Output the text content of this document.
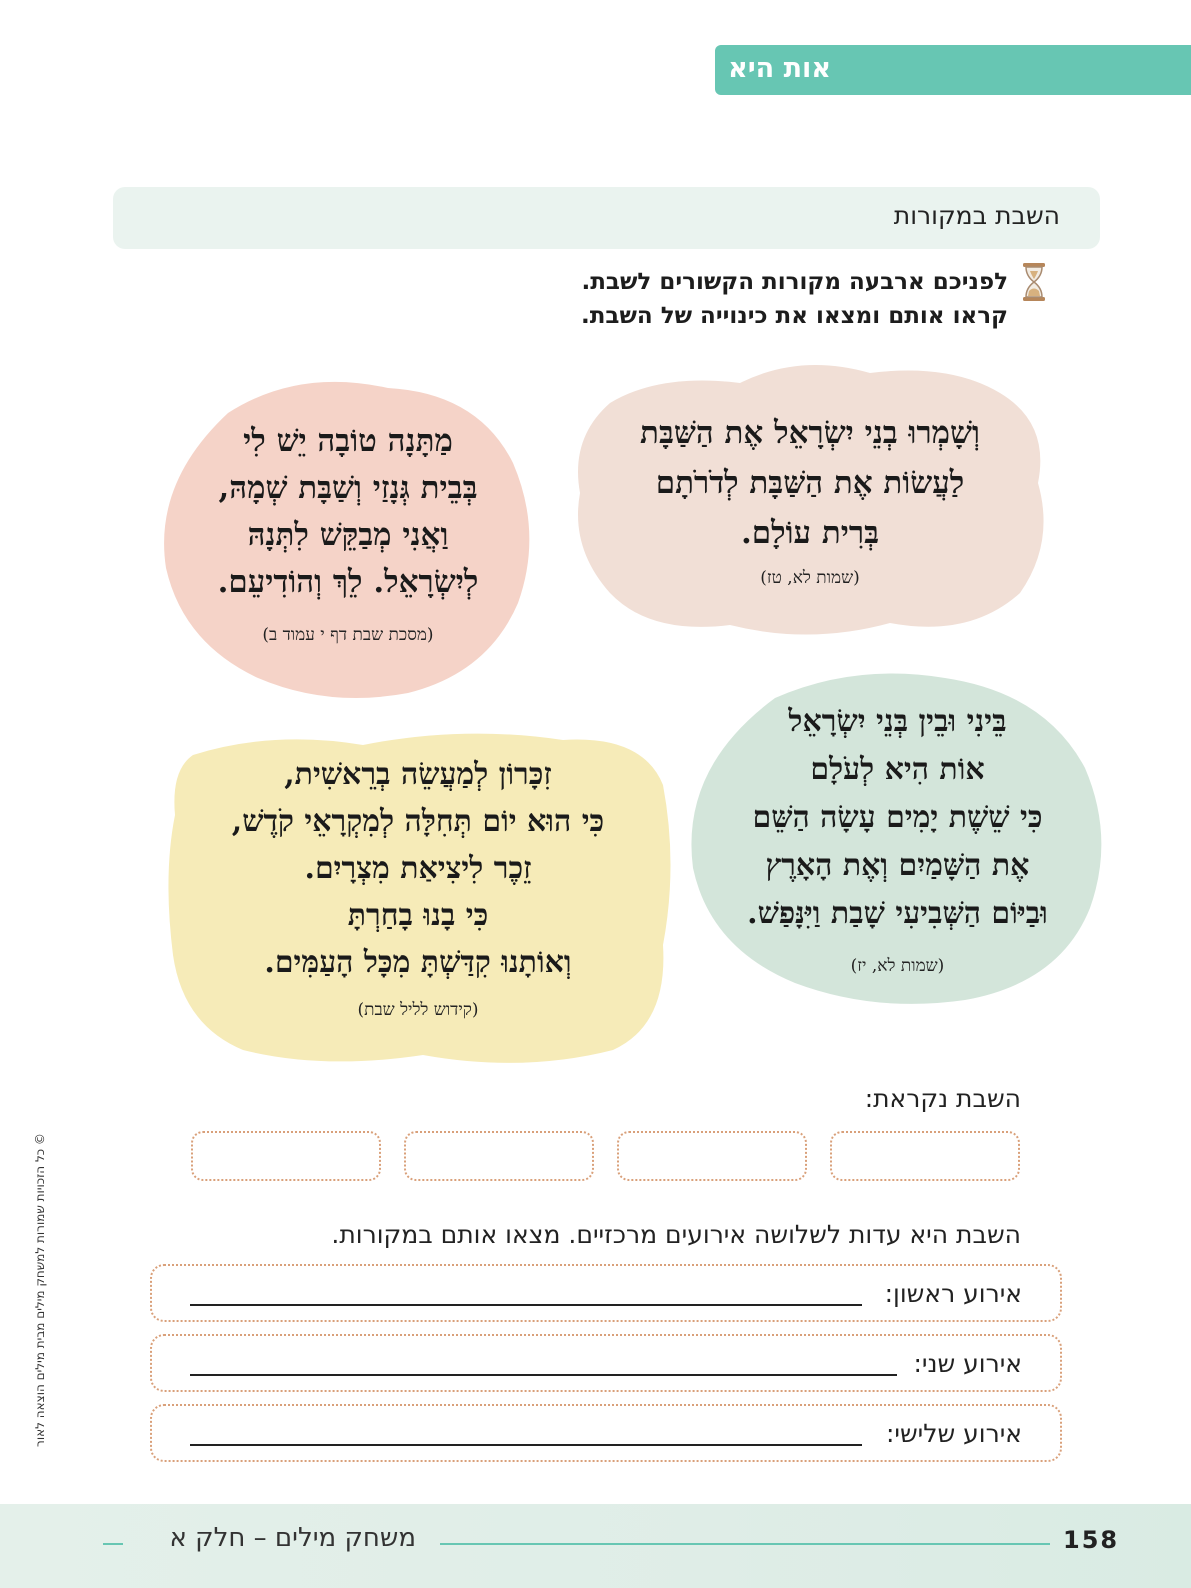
אות היא
השבת במקורות
לפניכם ארבעה מקורות הקשורים לשבת.
קראו אותם ומצאו את כינוייה של השבת.
וְשָׁמְרוּ בְנֵי יִשְׂרָאֵל אֶת הַשַּׁבָּת
לַעֲשׂוֹת אֶת הַשַּׁבָּת לְדֹרֹתָם
בְּרִית עוֹלָם.
(שמות לא, טז)
מַתָּנָה טוֹבָה יֵשׁ לִי
בְּבֵית גְּנָזַי וְשַׁבָּת שְׁמָהּ,
וַאֲנִי מְבַקֵּשׁ לִתְּנָהּ
לְיִשְׂרָאֵל. לֵךְ וְהוֹדִיעֵם.
(מסכת שבת דף י עמוד ב)
בֵּינִי וּבֵין בְּנֵי יִשְׂרָאֵל
אוֹת הִיא לְעֹלָם
כִּי שֵׁשֶׁת יָמִים עָשָׂה הַשֵּׁם
אֶת הַשָּׁמַיִם וְאֶת הָאָרֶץ
וּבַיּוֹם הַשְּׁבִיעִי שָׁבַת וַיִּנָּפַשׁ.
(שמות לא, יז)
זִכָּרוֹן לְמַעֲשֵׂה בְרֵאשִׁית,
כִּי הוּא יוֹם תְּחִלָּה לְמִקְרָאֵי קֹדֶשׁ,
זֵכֶר לִיצִיאַת מִצְרָיִם.
כִּי בָנוּ בָחַרְתָּ
וְאוֹתָנוּ קִדַּשְׁתָּ מִכָּל הָעַמִּים.
(קידוש לליל שבת)
השבת נקראת:
השבת היא עדות לשלושה אירועים מרכזיים. מצאו אותם במקורות.
אירוע ראשון:
אירוע שני:
אירוע שלישי:
© כל הזכויות שמורות למשחק מילים מבית מילים הוצאה לאור
משחק מילים – חלק א	158
